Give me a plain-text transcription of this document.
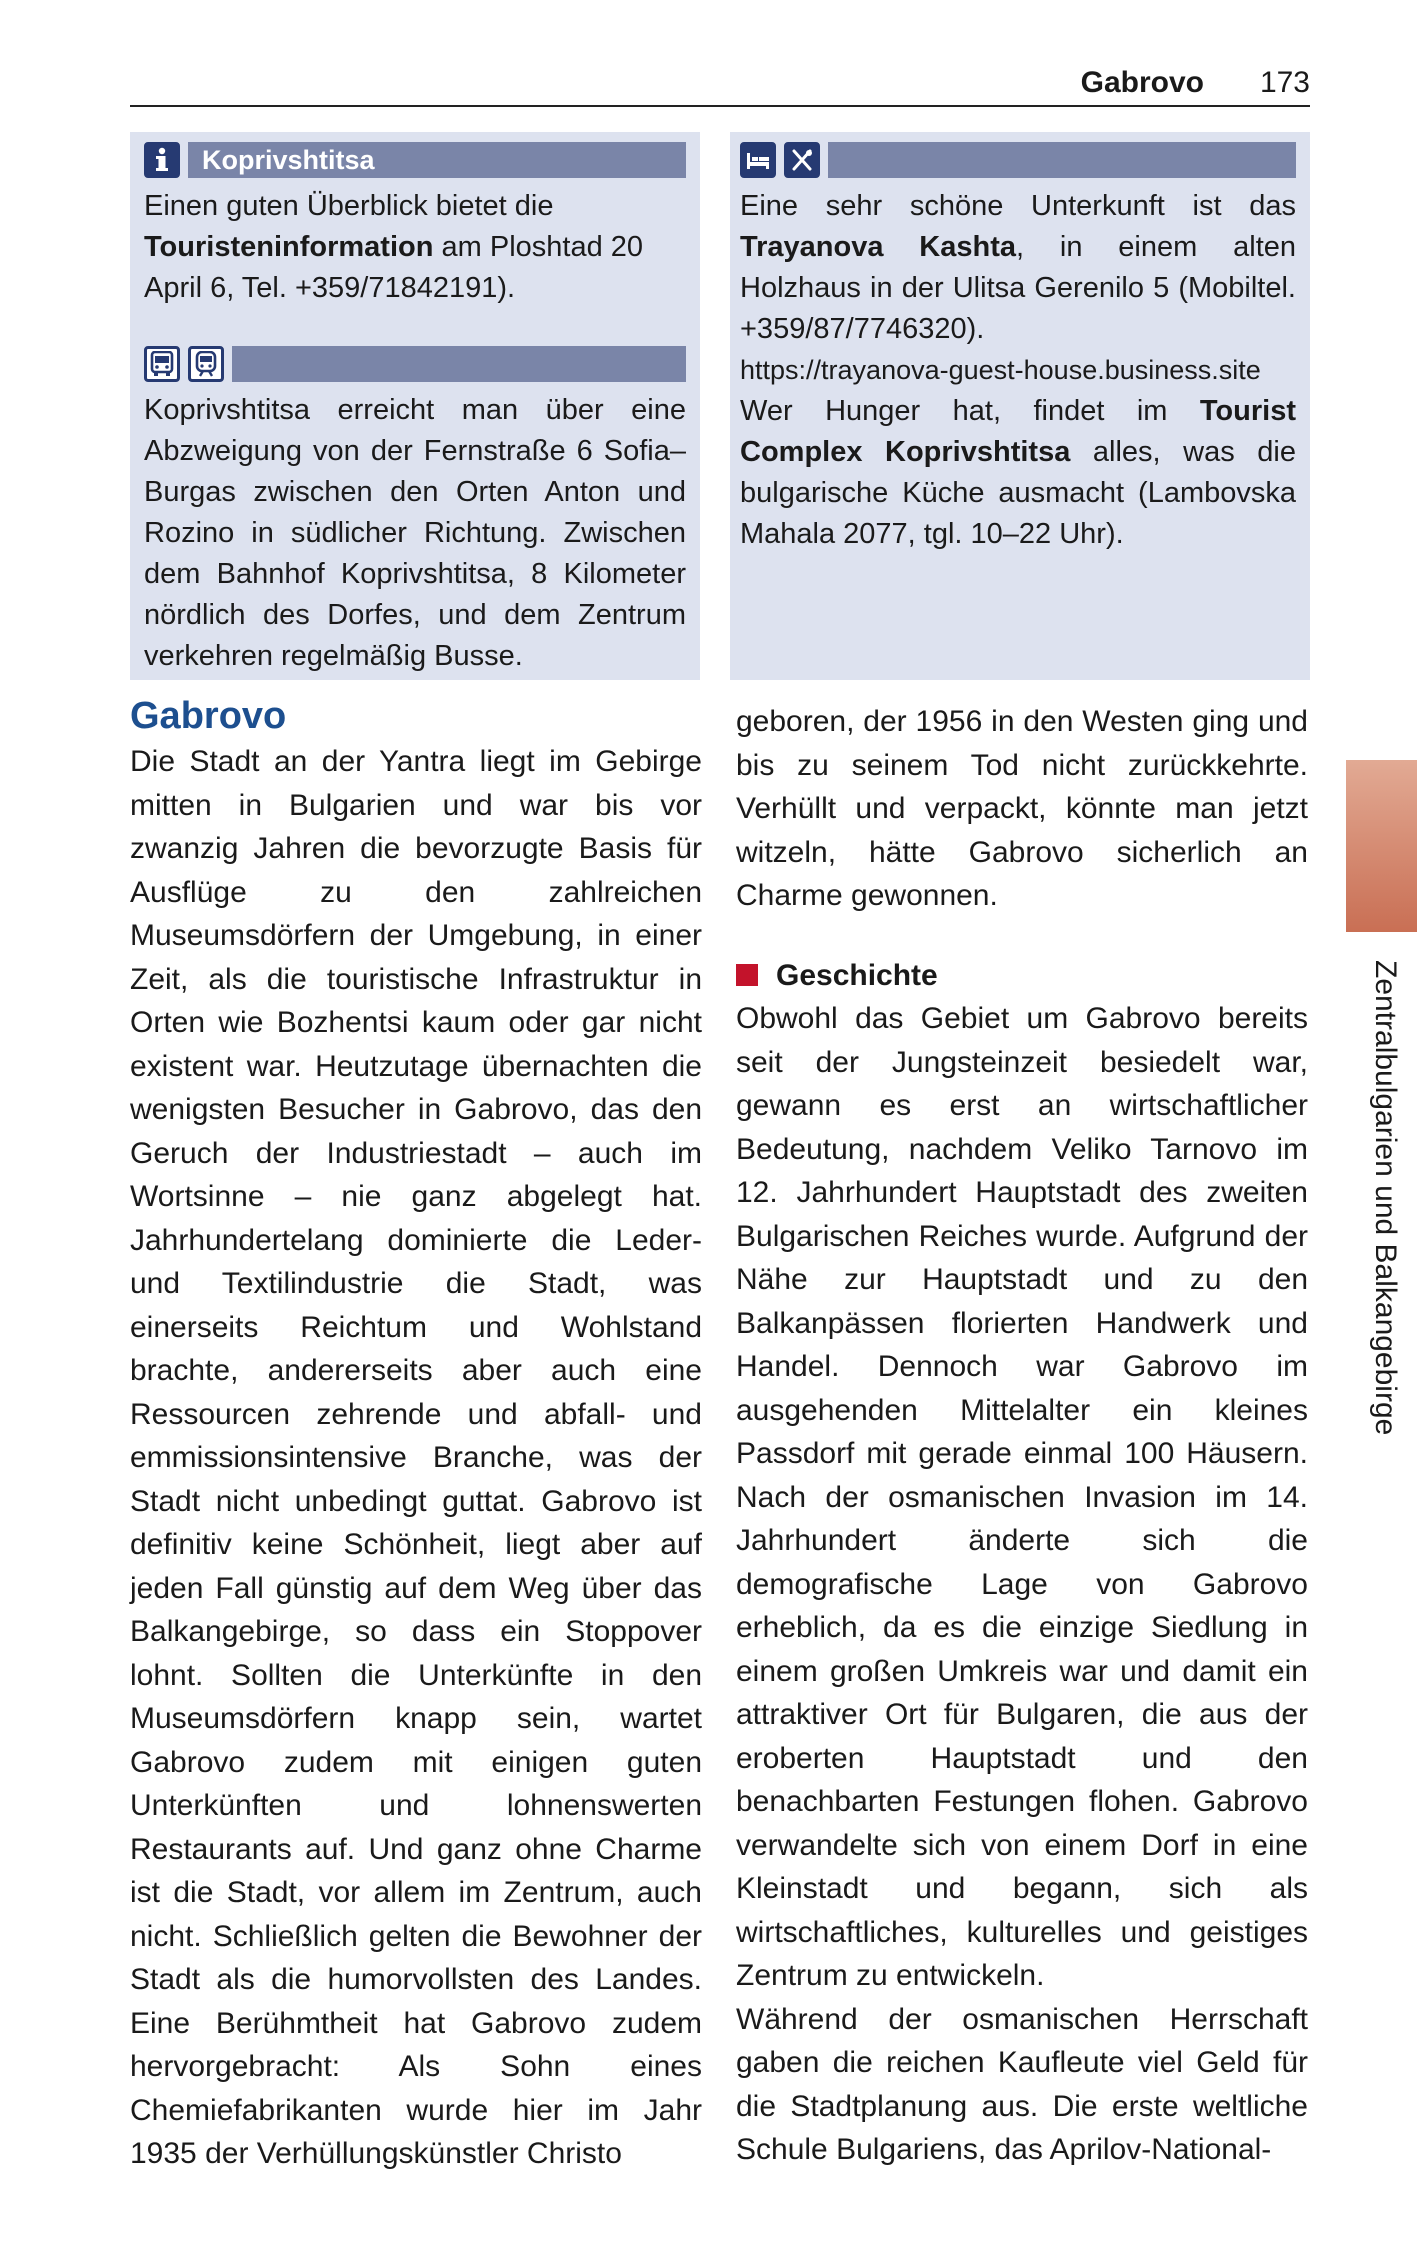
Gabrovo 173
Koprivshtitsa

Einen guten Überblick bietet die Touristeninformation am Ploshtad 20 April 6, Tel. +359/71842191).

Koprivshtitsa erreicht man über eine Abzweigung von der Fernstraße 6 Sofia–Burgas zwischen den Orten Anton und Rozino in südlicher Richtung. Zwischen dem Bahnhof Koprivshtitsa, 8 Kilometer nördlich des Dorfes, und dem Zentrum verkehren regelmäßig Busse.

Eine sehr schöne Unterkunft ist das Trayanova Kashta, in einem alten Holzhaus in der Ulitsa Gerenilo 5 (Mobiltel. +359/87/7746320).

https://trayanova-guest-house.business.site

Wer Hunger hat, findet im Tourist Complex Koprivshtitsa alles, was die bulgarische Küche ausmacht (Lambovska Mahala 2077, tgl. 10–22 Uhr).

Gabrovo

Die Stadt an der Yantra liegt im Gebirge mitten in Bulgarien und war bis vor zwanzig Jahren die bevorzugte Basis für Ausflüge zu den zahlreichen Museumsdörfern der Umgebung, in einer Zeit, als die touristische Infrastruktur in Orten wie Bozhentsi kaum oder gar nicht existent war. Heutzutage übernachten die wenigsten Besucher in Gabrovo, das den Geruch der Industriestadt – auch im Wortsinne – nie ganz abgelegt hat. Jahrhundertelang dominierte die Leder- und Textilindustrie die Stadt, was einerseits Reichtum und Wohlstand brachte, andererseits aber auch eine Ressourcen zehrende und abfall- und emmissionsintensive Branche, was der Stadt nicht unbedingt guttat. Gabrovo ist definitiv keine Schönheit, liegt aber auf jeden Fall günstig auf dem Weg über das Balkangebirge, so dass ein Stoppover lohnt. Sollten die Unterkünfte in den Museumsdörfern knapp sein, wartet Gabrovo zudem mit einigen guten Unterkünften und lohnenswerten Restaurants auf. Und ganz ohne Charme ist die Stadt, vor allem im Zentrum, auch nicht. Schließlich gelten die Bewohner der Stadt als die humorvollsten des Landes. Eine Berühmtheit hat Gabrovo zudem hervorgebracht: Als Sohn eines Chemiefabrikanten wurde hier im Jahr 1935 der Verhüllungskünstler Christo

geboren, der 1956 in den Westen ging und bis zu seinem Tod nicht zurückkehrte. Verhüllt und verpackt, könnte man jetzt witzeln, hätte Gabrovo sicherlich an Charme gewonnen.

Geschichte

Obwohl das Gebiet um Gabrovo bereits seit der Jungsteinzeit besiedelt war, gewann es erst an wirtschaftlicher Bedeutung, nachdem Veliko Tarnovo im 12. Jahrhundert Hauptstadt des zweiten Bulgarischen Reiches wurde. Aufgrund der Nähe zur Hauptstadt und zu den Balkanpässen florierten Handwerk und Handel. Dennoch war Gabrovo im ausgehenden Mittelalter ein kleines Passdorf mit gerade einmal 100 Häusern. Nach der osmanischen Invasion im 14. Jahrhundert änderte sich die demografische Lage von Gabrovo erheblich, da es die einzige Siedlung in einem großen Umkreis war und damit ein attraktiver Ort für Bulgaren, die aus der eroberten Hauptstadt und den benachbarten Festungen flohen. Gabrovo verwandelte sich von einem Dorf in eine Kleinstadt und begann, sich als wirtschaftliches, kulturelles und geistiges Zentrum zu entwickeln.

Während der osmanischen Herrschaft gaben die reichen Kaufleute viel Geld für die Stadtplanung aus. Die erste weltliche Schule Bulgariens, das Aprilov-National-

Zentralbulgarien und Balkangebirge
